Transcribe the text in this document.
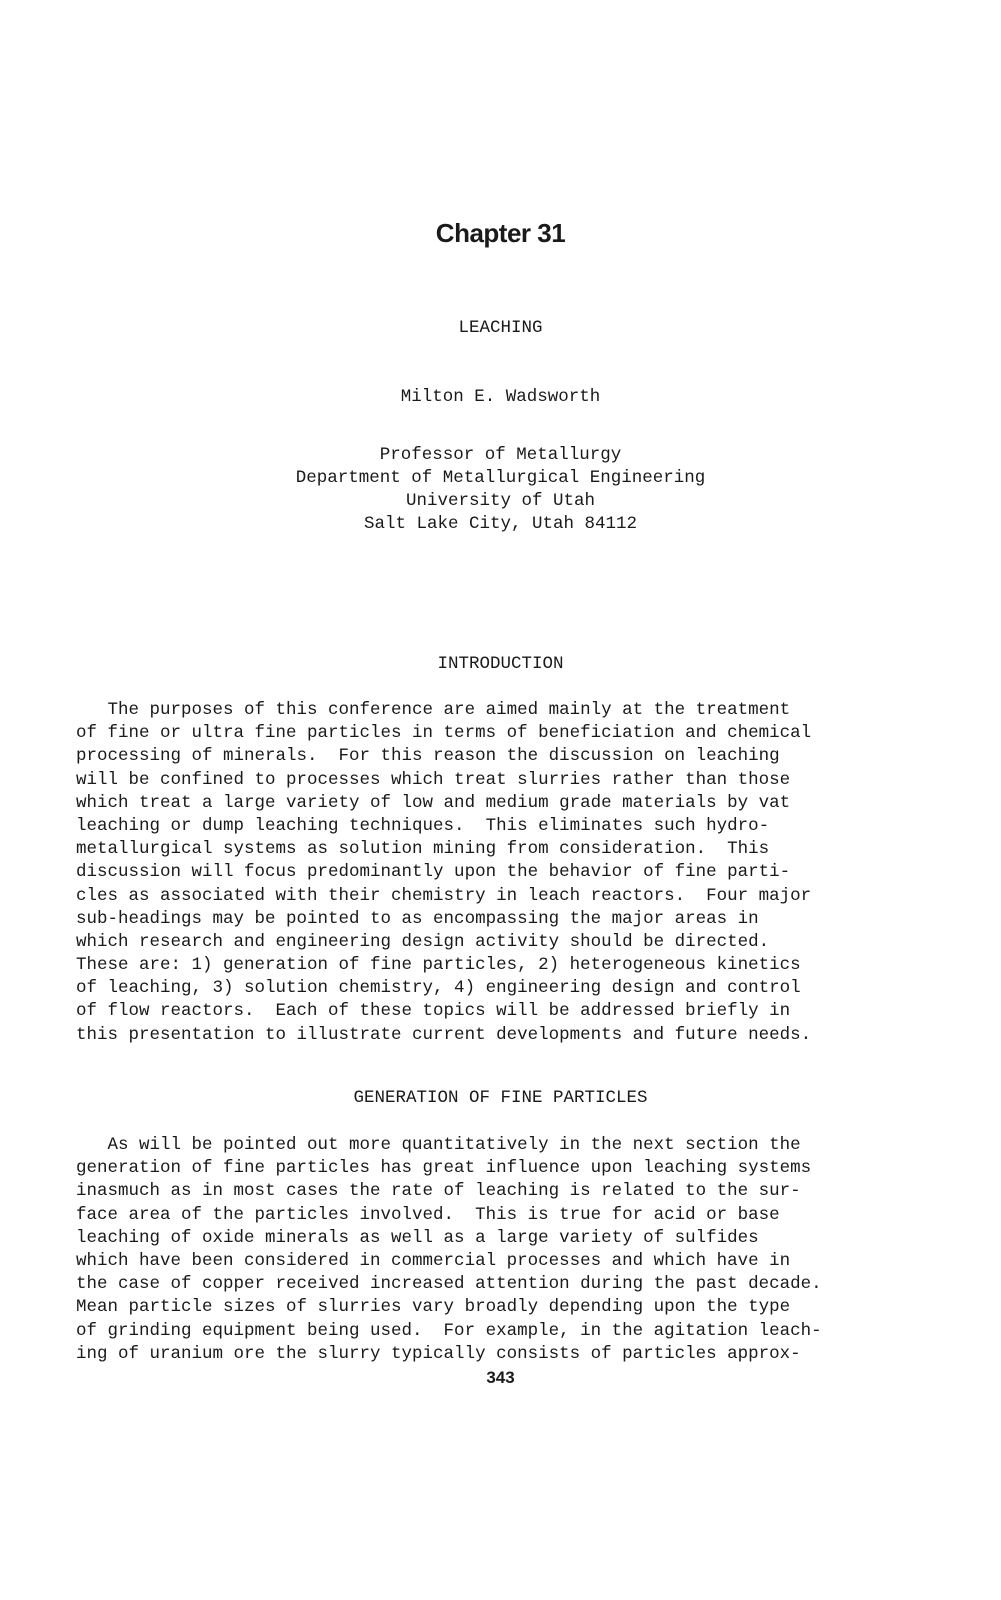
Chapter 31
LEACHING
Milton E. Wadsworth
Professor of Metallurgy
Department of Metallurgical Engineering
University of Utah
Salt Lake City, Utah 84112
INTRODUCTION
The purposes of this conference are aimed mainly at the treatment
of fine or ultra fine particles in terms of beneficiation and chemical
processing of minerals.  For this reason the discussion on leaching
will be confined to processes which treat slurries rather than those
which treat a large variety of low and medium grade materials by vat
leaching or dump leaching techniques.  This eliminates such hydro-
metallurgical systems as solution mining from consideration.  This
discussion will focus predominantly upon the behavior of fine parti-
cles as associated with their chemistry in leach reactors.  Four major
sub-headings may be pointed to as encompassing the major areas in
which research and engineering design activity should be directed.
These are: 1) generation of fine particles, 2) heterogeneous kinetics
of leaching, 3) solution chemistry, 4) engineering design and control
of flow reactors.  Each of these topics will be addressed briefly in
this presentation to illustrate current developments and future needs.
GENERATION OF FINE PARTICLES
As will be pointed out more quantitatively in the next section the
generation of fine particles has great influence upon leaching systems
inasmuch as in most cases the rate of leaching is related to the sur-
face area of the particles involved.  This is true for acid or base
leaching of oxide minerals as well as a large variety of sulfides
which have been considered in commercial processes and which have in
the case of copper received increased attention during the past decade.
Mean particle sizes of slurries vary broadly depending upon the type
of grinding equipment being used.  For example, in the agitation leach-
ing of uranium ore the slurry typically consists of particles approx-
343
